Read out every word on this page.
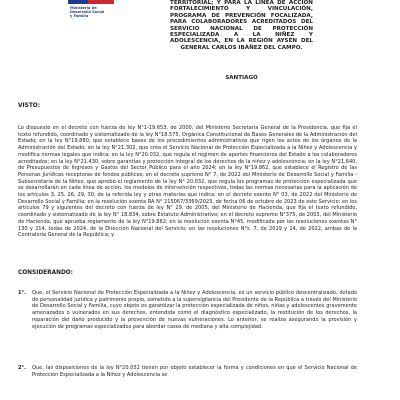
Ministerio de
Desarrollo Social
y Familia
TERRITORIAL; Y PARA LA LÍNEA DE ACCIÓN FORTALECIMIENTO Y VINCULACIÓN, PROGRAMA DE PREVENCIÓN FOCALIZADA, PARA COLABORADORES ACREDITADOS DEL SERVICIO NACIONAL DE PROTECCIÓN ESPECIALIZADA A LA NIÑEZ Y ADOLESCENCIA, EN LA REGIÓN AYSÉN DEL GENERAL CARLOS IBÁÑEZ DEL CAMPO.
SANTIAGO
VISTO:
Lo dispuesto en el decreto con fuerza de ley N°1-19.653, de 2000, del Ministerio Secretaría General de la Presidencia, que fija el texto refundido, coordinado y sistematizado de la ley N°18.575, Orgánica Constitucional de Bases Generales de la Administración del Estado; en la ley N°19.880, que establece bases de los procedimientos administrativos que rigen los actos de los órganos de la Administración del Estado; en la ley N°21.302, que crea el Servicio Nacional de Protección Especializada a la Niñez y Adolescencia y modifica normas legales que indica; en la ley N°20.032, que regula el régimen de aportes financieros del Estado a los colaboradores acreditados; en la ley N°21.430, sobre garantías y protección integral de los derechos de la niñez y adolescencia; en la ley N°21.640, de Presupuestos de Ingresos y Gastos del Sector Público para el año 2024; en la ley N°19.862, que establece el Registro de las Personas Jurídicas receptoras de fondos públicos; en el decreto supremo N° 7, de 2022 del Ministerio de Desarrollo Social y Familia - Subsecretaría de la Niñez, que aprobó el reglamento de la ley N° 20.032, que regula los programas de protección especializada que se desarrollarán en cada línea de acción, los modelos de intervención respectivos, todas las normas necesarias para la aplicación de los artículos 3, 25, 26, 29, 30, de la referida ley y otras materias que indica; en el decreto exento N° 03, de 2022 del Ministerio de Desarrollo Social y Familia; en la resolución exenta RA N° 215067/3369/2023, de fecha 06 de octubre de 2023 de este Servicio; en los artículos 79 y siguientes del decreto con fuerza de ley N° 29, de 2005, del Ministerio de Hacienda, que fija el texto refundido, coordinado y sistematizado de la ley N° 18.834, sobre Estatuto Administrativo; en el decreto supremo N°375, de 2003, del Ministerio de Hacienda, que aprueba reglamento de la ley N°19.862; en la resolución exenta N°45, modificada por las resoluciones exentas N° 130 y 214, todas de 2024, de la Dirección Nacional del Servicio; en las resoluciones N°s. 7, de 2019 y 14, de 2022, ambas de la Contraloría General de la República; y
CONSIDERANDO:
1°.	Que, el Servicio Nacional de Protección Especializada a la Niñez y Adolescencia, es un servicio público descentralizado, dotado de personalidad jurídica y patrimonio propio, sometido a la supervigilancia del Presidente de la República a través del Ministerio de Desarrollo Social y Familia, cuyo objeto es garantizar la protección especializada de niños, niñas y adolescentes gravemente amenazados o vulnerados en sus derechos, entendida como el diagnóstico especializado, la restitución de los derechos, la reparación del daño producido y la prevención de nuevas vulneraciones. Lo anterior, se realiza asegurando la provisión y ejecución de programas especializados para abordar casos de mediana y alta complejidad.
2°.	Que, las disposiciones de la ley N°20.032 tienen por objeto establecer la forma y condiciones en que el Servicio Nacional de Protección Especializada a la Niñez y Adolescencia se
